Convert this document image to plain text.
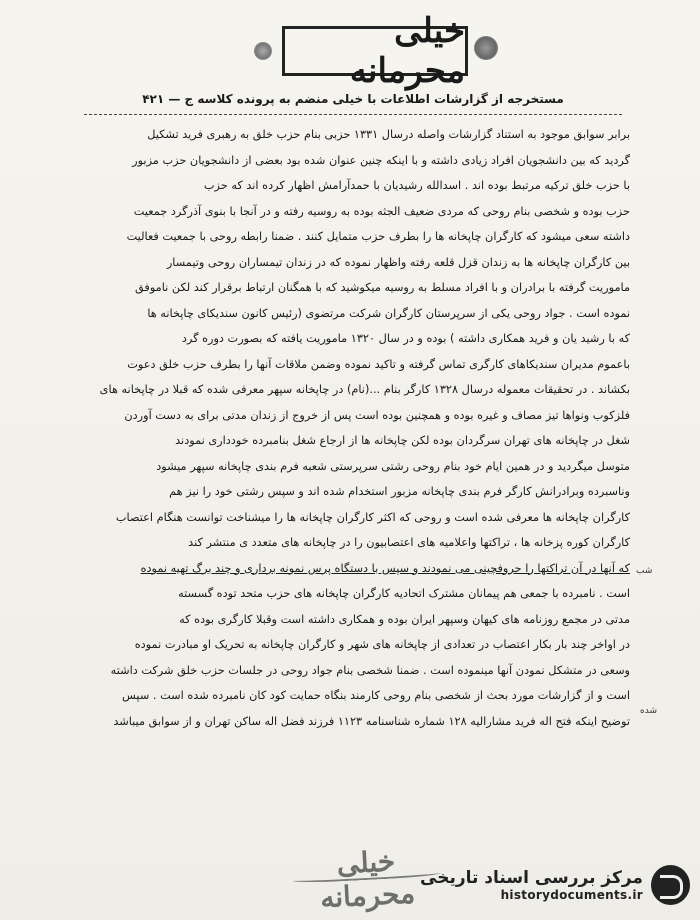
خیلی محرمانه
مستخرجه از گزارشات اطلاعات با خیلی منضم به پرونده کلاسه ج — ۴۲۱

برابر سوابق موجود به استناد گزارشات واصله درسال ۱۳۳۱ حزبی بنام حزب خلق به رهبری فرید تشکیل

گردید که بین دانشجویان افراد زیادی داشته و با اینکه چنین عنوان شده بود بعضی از دانشجویان حزب مزبور

با حزب خلق ترکیه مرتبط بوده اند . اسدالله رشیدیان با حمدآرامش اظهار کرده اند که حزب

حزب بوده و شخصی بنام روحی که مردی ضعیف الجثه بوده به روسیه رفته و در آنجا با بنوی آذرگرد جمعیت

داشته سعی میشود که کارگران چاپخانه ها را بطرف حزب متمایل کنند . ضمنا رابطه روحی با جمعیت فعالیت

بین کارگران چاپخانه ها به زندان قزل قلعه رفته واظهار نموده که در زندان تیمساران روحی وتیمسار

ماموریت گرفته با برادران و با افراد مسلط به روسیه میکوشید که با همگنان ارتباط برقرار کند لکن ناموفق

نموده است . جواد روحی یکی از سرپرستان کارگران شرکت مرتضوی (رئیس کانون سندیکای چاپخانه ها

که با رشید یان و فرید همکاری داشته ) بوده و در سال ۱۳۲۰ ماموریت یافته که بصورت دوره گرد

باعموم مدیران سندیکاهای کارگری تماس گرفته و تاکید نموده وضمن ملاقات آنها را بطرف حزب خلق دعوت

بکشاند . در تحقیقات معموله درسال ۱۳۲۸ کارگر بنام ...(نام) در چاپخانه سپهر معرفی شده که قبلا در چاپخانه های

فلزکوب ونواها تیز مصاف و غیره بوده و همچنین بوده است پس از خروج از زندان مدتی برای به دست آوردن

شغل در چاپخانه های تهران سرگردان بوده لکن چاپخانه ها از ارجاع شغل بنامبرده خودداری نمودند

متوسل میگردید و در همین ایام خود بنام روحی رشتی سرپرستی شعبه فرم بندی چاپخانه سپهر میشود

وناسبرده وبرادرانش کارگر فرم بندی چاپخانه مزبور استخدام شده اند و سپس رشتی خود را نیز هم

کارگران چاپخانه ها معرفی شده است و روحی که اکثر کارگران چاپخانه ها را میشناخت توانست هنگام اعتصاب

کارگران کوره پزخانه ها ، تراکتها واعلامیه های اعتصابیون را در چاپخانه های متعدد ی منتشر کند

که آنها در آن تراکتها را حروفچینی می نمودند و سپس با دستگاه پرس نمونه برداری و چند برگ تهیه نموده

است . نامبرده با جمعی هم پیمانان مشترک اتحادیه کارگران چاپخانه های حزب متحد توده گسسته

مدتی در مجمع روزنامه های کیهان وسپهر ایران بوده و همکاری داشته است وقبلا کارگری بوده که

در اواخر چند بار بکار اعتصاب در تعدادی از چاپخانه های شهر و کارگران چاپخانه به تحریک او مبادرت نموده

وسعی در متشکل نمودن آنها مینموده است . ضمنا شخصی بنام جواد روحی در جلسات حزب خلق شرکت داشته

است و از گزارشات مورد بحث از شخصی بنام روحی کارمند بنگاه حمایت کود کان نامبرده شده است . سپس

توضیح اینکه فتح اله فرید مشارالیه ۱۲۸ شماره شناسنامه ۱۱۲۳ فرزند فضل اله ساکن تهران و از سوابق میباشد

شب
شده
خیلی محرمانه مرکز بررسی اسناد تاریخی
historydocuments.ir
